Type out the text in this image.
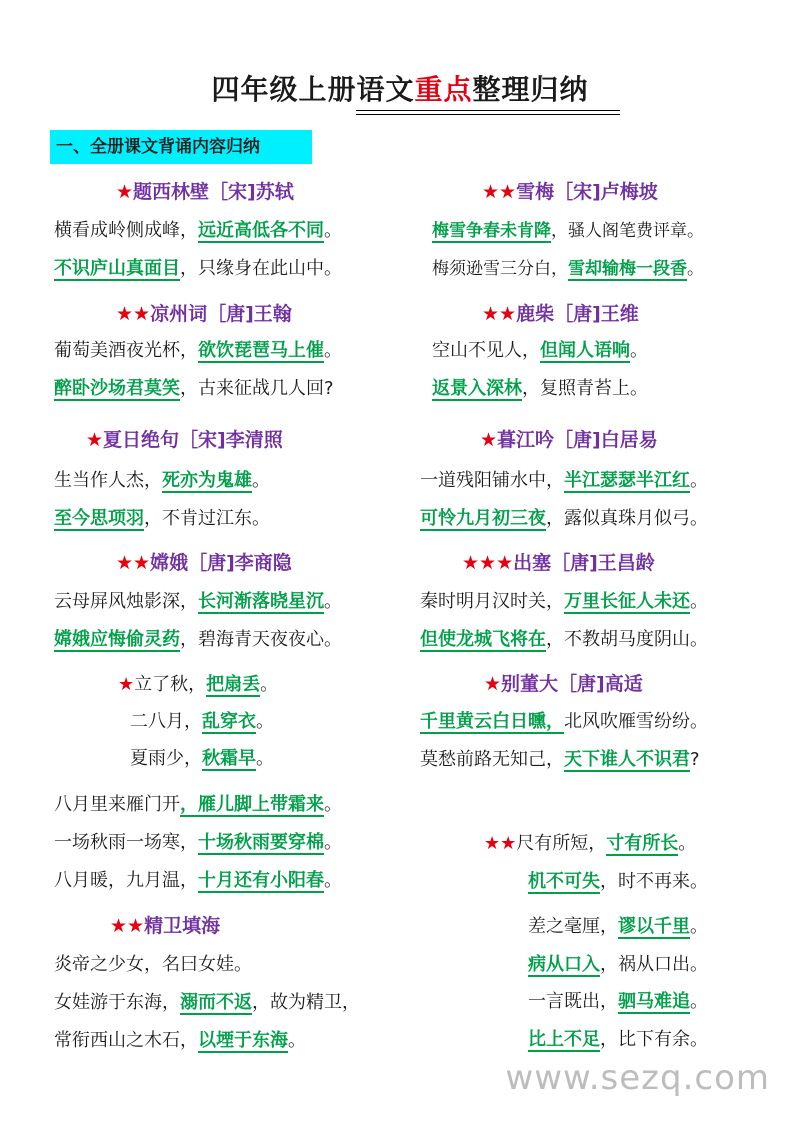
四年级上册语文重点整理归纳
一、全册课文背诵内容归纳
★题西林壁［宋]苏轼
横看成岭侧成峰，远近高低各不同。
不识庐山真面目，只缘身在此山中。
★★凉州词［唐]王翰
葡萄美酒夜光杯，欲饮琵琶马上催。
醉卧沙场君莫笑，古来征战几人回?
★夏日绝句［宋]李清照
生当作人杰，死亦为鬼雄。
至今思项羽，不肯过江东。
★★嫦娥［唐]李商隐
云母屏风烛影深，长河渐落晓星沉。
嫦娥应悔偷灵药，碧海青天夜夜心。
★立了秋，把扇丢。
二八月，乱穿衣。
夏雨少，秋霜早。
八月里来雁门开，雁儿脚上带霜来。
一场秋雨一场寒，十场秋雨要穿棉。
八月暖，九月温，十月还有小阳春。
★★精卫填海
炎帝之少女，名曰女娃。
女娃游于东海，溺而不返，故为精卫，
常衔西山之木石，以堙于东海。
★★雪梅［宋]卢梅坡
梅雪争春未肯降，骚人阁笔费评章。
梅须逊雪三分白，雪却输梅一段香。
★★鹿柴［唐]王维
空山不见人，但闻人语响。
返景入深林，复照青苔上。
★暮江吟［唐]白居易
一道残阳铺水中，半江瑟瑟半江红。
可怜九月初三夜，露似真珠月似弓。
★★★出塞［唐]王昌龄
秦时明月汉时关，万里长征人未还。
但使龙城飞将在，不教胡马度阴山。
★别董大［唐]高适
千里黄云白日曛，北风吹雁雪纷纷。
莫愁前路无知己，天下谁人不识君?
★★尺有所短，寸有所长。
机不可失，时不再来。
差之毫厘，谬以千里。
病从口入，祸从口出。
一言既出，驷马难追。
比上不足，比下有余。
www.sezq.com
